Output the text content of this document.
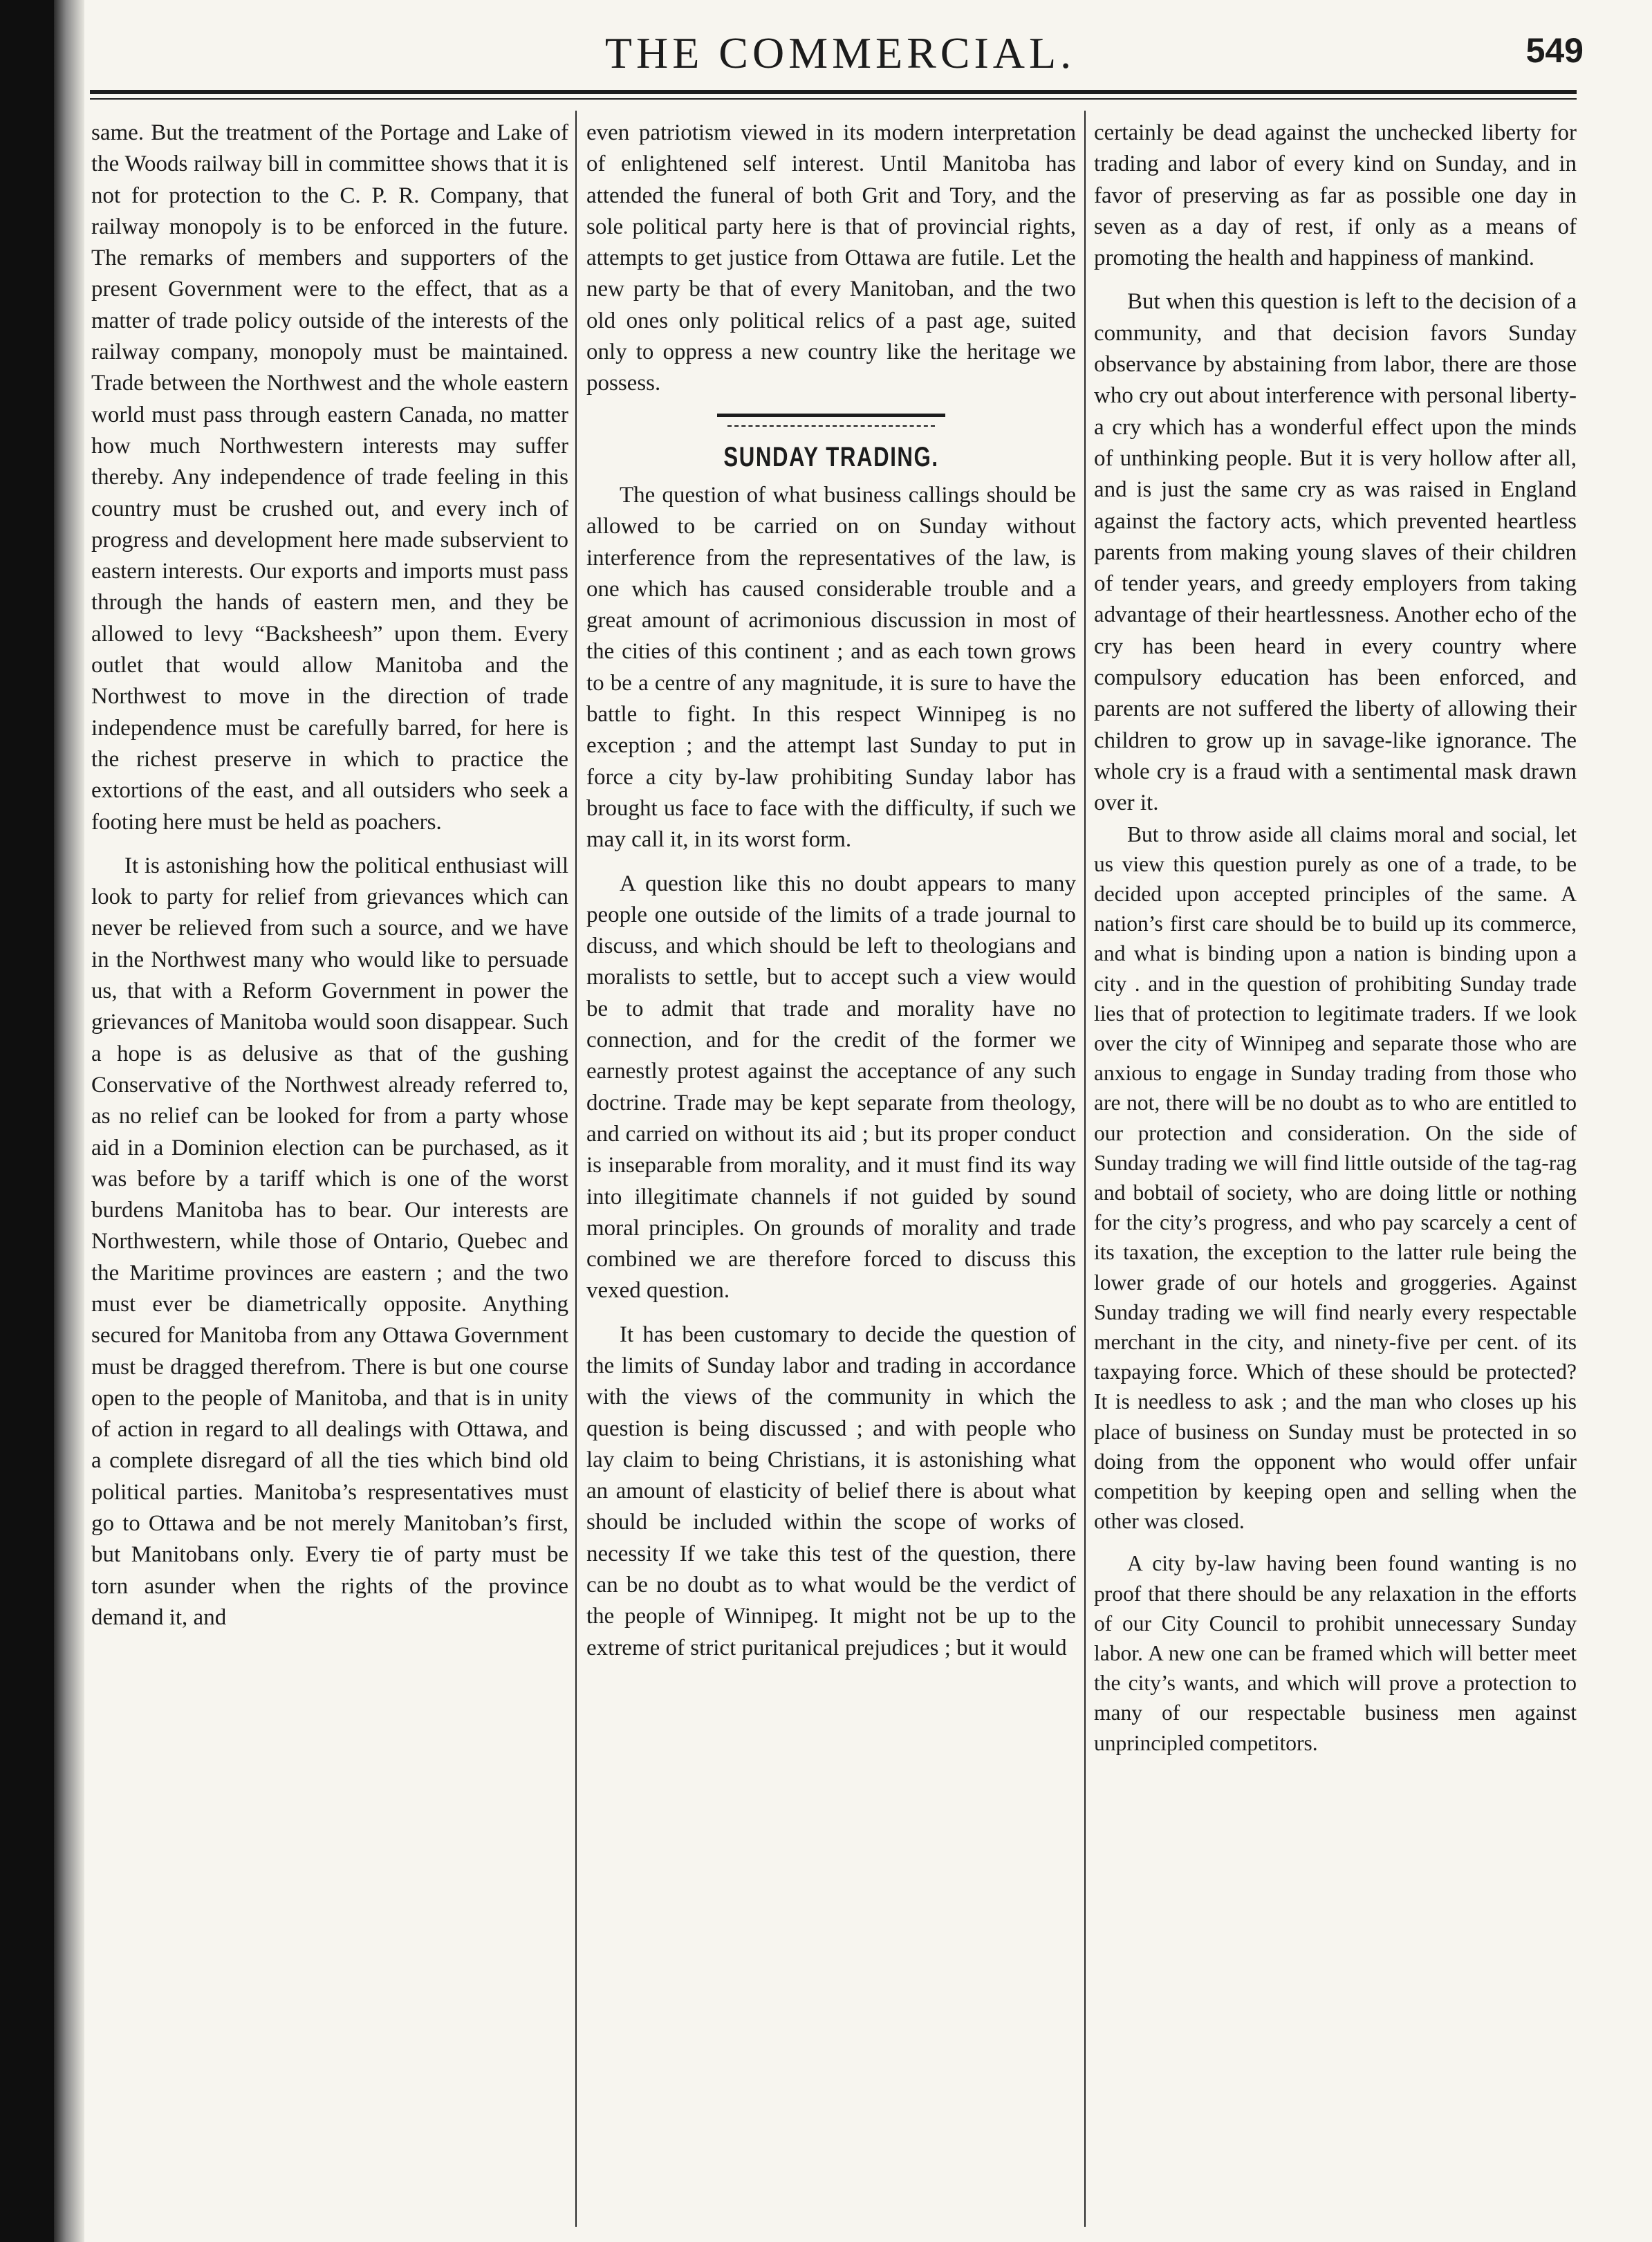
THE COMMERCIAL.	549

same. But the treatment of the Portage and Lake of the Woods railway bill in committee shows that it is not for protection to the C. P. R. Company, that railway monopoly is to be enforced in the future. The remarks of members and supporters of the present Government were to the effect, that as a matter of trade policy outside of the interests of the railway company, monopoly must be maintained. Trade between the Northwest and the whole eastern world must pass through eastern Canada, no matter how much Northwestern interests may suffer thereby. Any independence of trade feeling in this country must be crushed out, and every inch of progress and development here made subservient to eastern interests. Our exports and imports must pass through the hands of eastern men, and they be allowed to levy “Backsheesh” upon them. Every outlet that would allow Manitoba and the Northwest to move in the direction of trade independence must be carefully barred, for here is the richest preserve in which to practice the extortions of the east, and all outsiders who seek a footing here must be held as poachers.

It is astonishing how the political enthusiast will look to party for relief from grievances which can never be relieved from such a source, and we have in the Northwest many who would like to persuade us, that with a Reform Government in power the grievances of Manitoba would soon disappear. Such a hope is as delusive as that of the gushing Conservative of the Northwest already referred to, as no relief can be looked for from a party whose aid in a Dominion election can be purchased, as it was before by a tariff which is one of the worst burdens Manitoba has to bear. Our interests are Northwestern, while those of Ontario, Quebec and the Maritime provinces are eastern ; and the two must ever be diametrically opposite. Anything secured for Manitoba from any Ottawa Government must be dragged therefrom. There is but one course open to the people of Manitoba, and that is in unity of action in regard to all dealings with Ottawa, and a complete disregard of all the ties which bind old political parties. Manitoba’s respresentatives must go to Ottawa and be not merely Manitoban’s first, but Manitobans only. Every tie of party must be torn asunder when the rights of the province demand it, and

even patriotism viewed in its modern interpretation of enlightened self interest. Until Manitoba has attended the funeral of both Grit and Tory, and the sole political party here is that of provincial rights, attempts to get justice from Ottawa are futile. Let the new party be that of every Manitoban, and the two old ones only political relics of a past age, suited only to oppress a new country like the heritage we possess.

SUNDAY TRADING.

The question of what business callings should be allowed to be carried on on Sunday without interference from the representatives of the law, is one which has caused considerable trouble and a great amount of acrimonious discussion in most of the cities of this continent ; and as each town grows to be a centre of any magnitude, it is sure to have the battle to fight. In this respect Winnipeg is no exception ; and the attempt last Sunday to put in force a city by-law prohibiting Sunday labor has brought us face to face with the difficulty, if such we may call it, in its worst form.

A question like this no doubt appears to many people one outside of the limits of a trade journal to discuss, and which should be left to theologians and moralists to settle, but to accept such a view would be to admit that trade and morality have no connection, and for the credit of the former we earnestly protest against the acceptance of any such doctrine. Trade may be kept separate from theology, and carried on without its aid ; but its proper conduct is inseparable from morality, and it must find its way into illegitimate channels if not guided by sound moral principles. On grounds of morality and trade combined we are therefore forced to discuss this vexed question.

It has been customary to decide the question of the limits of Sunday labor and trading in accordance with the views of the community in which the question is being discussed ; and with people who lay claim to being Christians, it is astonishing what an amount of elasticity of belief there is about what should be included within the scope of works of necessity If we take this test of the question, there can be no doubt as to what would be the verdict of the people of Winnipeg. It might not be up to the extreme of strict puritanical prejudices ; but it would

certainly be dead against the unchecked liberty for trading and labor of every kind on Sunday, and in favor of preserving as far as possible one day in seven as a day of rest, if only as a means of promoting the health and happiness of mankind.

But when this question is left to the decision of a community, and that decision favors Sunday observance by abstaining from labor, there are those who cry out about interference with personal liberty- a cry which has a wonderful effect upon the minds of unthinking people. But it is very hollow after all, and is just the same cry as was raised in England against the factory acts, which prevented heartless parents from making young slaves of their children of tender years, and greedy employers from taking advantage of their heartlessness. Another echo of the cry has been heard in every country where compulsory education has been enforced, and parents are not suffered the liberty of allowing their children to grow up in savage-like ignorance. The whole cry is a fraud with a sentimental mask drawn over it.

But to throw aside all claims moral and social, let us view this question purely as one of a trade, to be decided upon accepted principles of the same. A nation’s first care should be to build up its commerce, and what is binding upon a nation is binding upon a city . and in the question of prohibiting Sunday trade lies that of protection to legitimate traders. If we look over the city of Winnipeg and separate those who are anxious to engage in Sunday trading from those who are not, there will be no doubt as to who are entitled to our protection and consideration. On the side of Sunday trading we will find little outside of the tag-rag and bobtail of society, who are doing little or nothing for the city’s progress, and who pay scarcely a cent of its taxation, the exception to the latter rule being the lower grade of our hotels and groggeries. Against Sunday trading we will find nearly every respectable merchant in the city, and ninety-five per cent. of its taxpaying force. Which of these should be protected? It is needless to ask ; and the man who closes up his place of business on Sunday must be protected in so doing from the opponent who would offer unfair competition by keeping open and selling when the other was closed.

A city by-law having been found wanting is no proof that there should be any relaxation in the efforts of our City Council to prohibit unnecessary Sunday labor. A new one can be framed which will better meet the city’s wants, and which will prove a protection to many of our respectable business men against unprincipled competitors.
